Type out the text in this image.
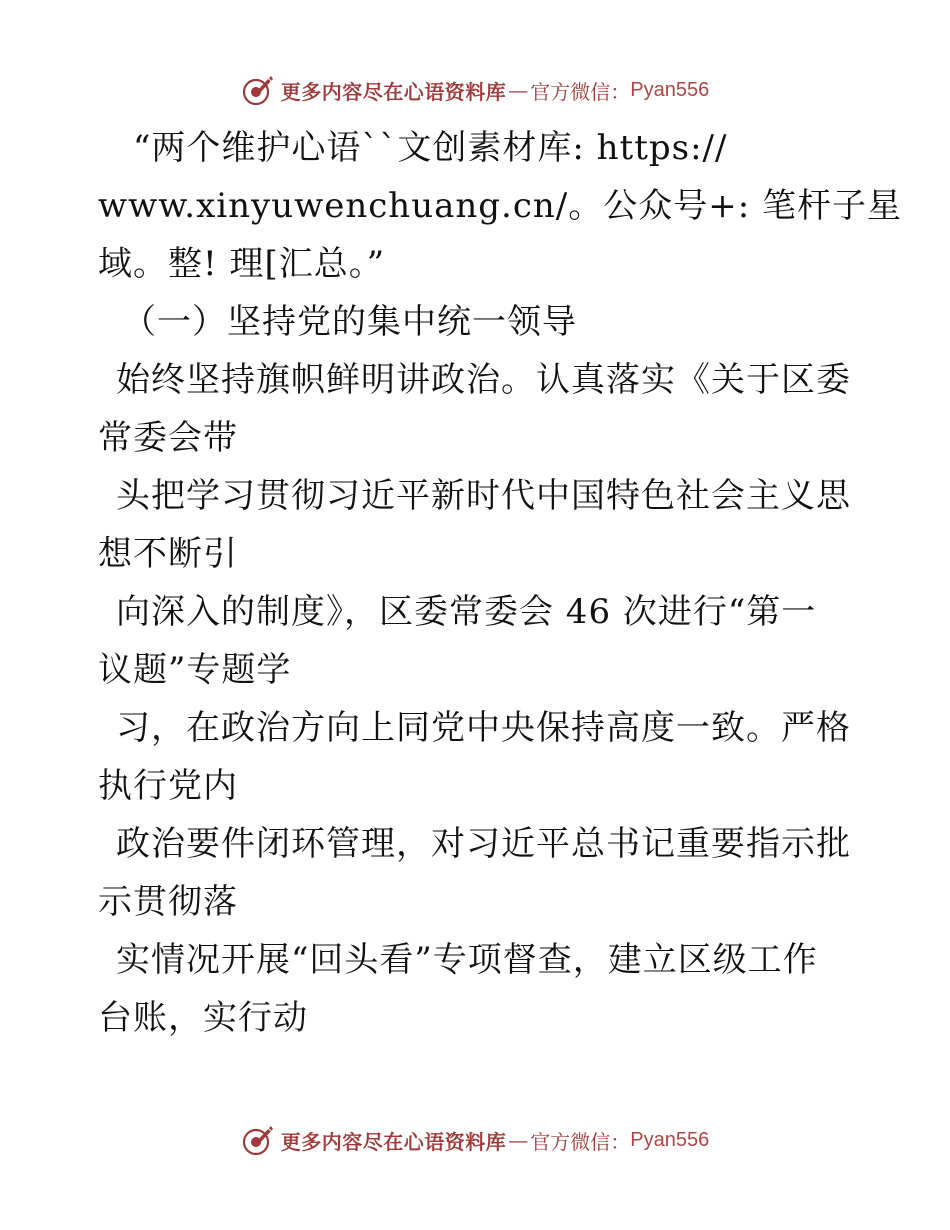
更多内容尽在心语资料库 — 官方微信： Pyan556
　“两个维护心语``文创素材库: https://
www.xinyuwenchuang.cn/。公众号+: 笔杆子星
域。整! 理[汇总。”
　（一）坚持党的集中统一领导
始终坚持旗帜鲜明讲政治。认真落实《关于区委
常委会带
头把学习贯彻习近平新时代中国特色社会主义思
想不断引
向深入的制度》，区委常委会 46 次进行“第一
议题”专题学
习，在政治方向上同党中央保持高度一致。严格
执行党内
政治要件闭环管理，对习近平总书记重要指示批
示贯彻落
实情况开展“回头看”专项督查，建立区级工作
台账，实行动
更多内容尽在心语资料库 — 官方微信： Pyan556
